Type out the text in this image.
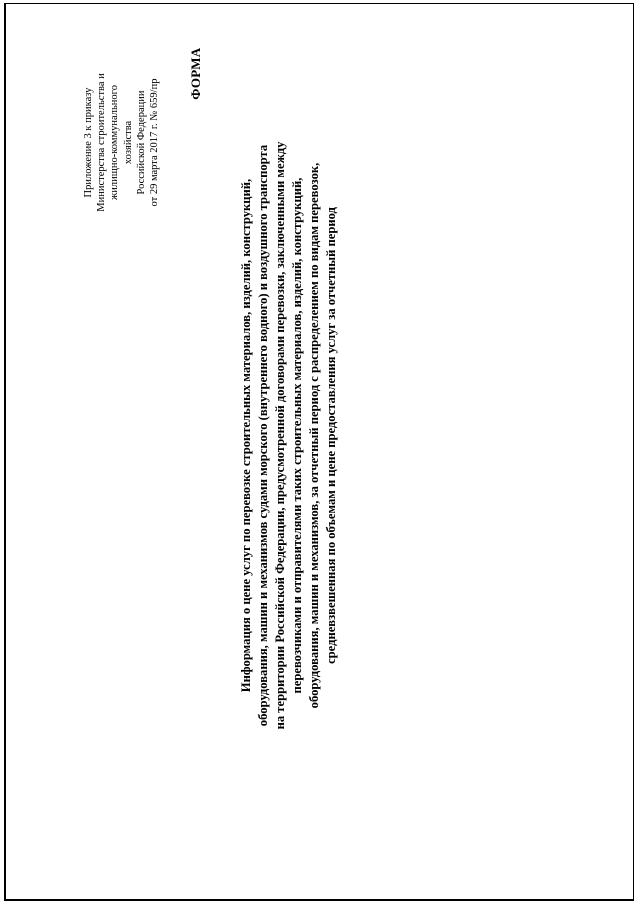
Приложение 3 к приказу Министерства строительства и жилищно-коммунального хозяйства Российской Федерации от 29 марта 2017 г. № 659/пр
ФОРМА
Информация о цене услуг по перевозке строительных материалов, изделий, конструкций, оборудования, машин и механизмов судами морского (внутреннего водного) и воздушного транспорта на территории Российской Федерации, предусмотренной договорами перевозки, заключенными между перевозчиками и отправителями таких строительных материалов, изделий, конструкций, оборудования, машин и механизмов, за отчетный период с распределением по видам перевозок, средневзвешенная по объемам и цене предоставления услуг за отчетный период
